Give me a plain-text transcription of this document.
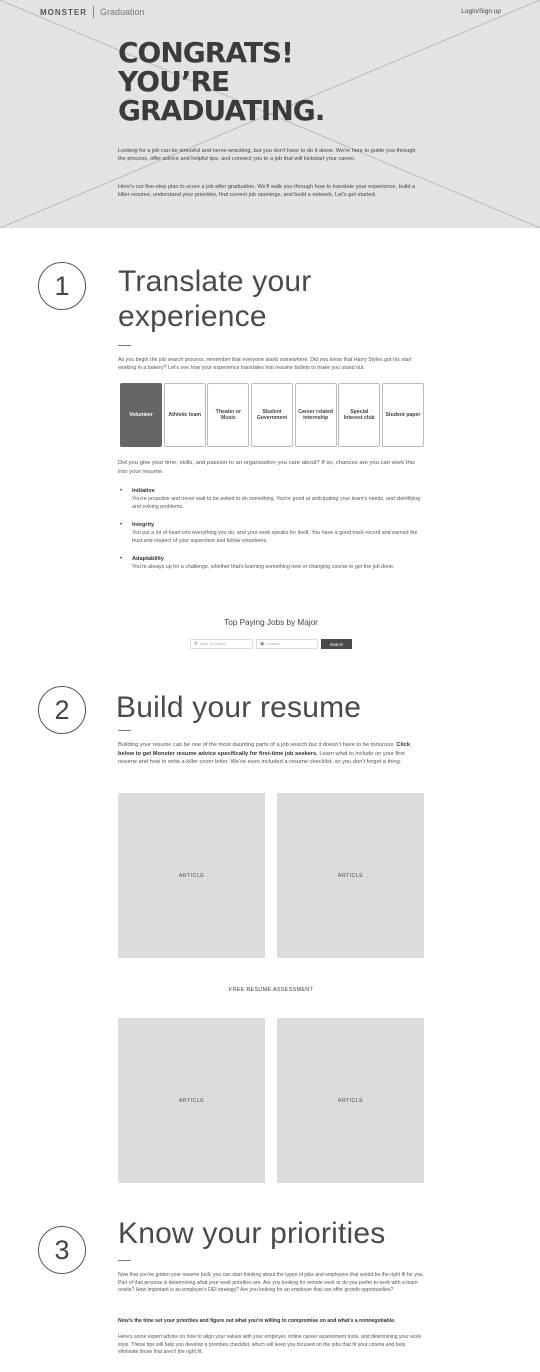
MONSTER Graduation	Login/Sign up
CONGRATS!
YOU’RE
GRADUATING.

Looking for a job can be stressful and nerve-wracking, but you don't have to do it alone. We're here to guide you through the process, offer advice and helpful tips, and connect you to a job that will kickstart your career.

Here's our five-step plan to score a job after graduation. We'll walk you through how to translate your experience, build a killer resume, understand your priorities, find current job openings, and build a network. Let's get started.

1	Translate your
experience

As you begin the job search process, remember that everyone starts somewhere. Did you know that Harry Styles got his start working in a bakery? Let's see how your experience translates into resume bullets to make you stand out.

Volunteer	Athletic team
Theater or Music
Student Government
Career related internship
Special Interest club
Student paper

Did you give your time, skills, and passion to an organization you care about? If so, chances are you can work this into your resume.

• Initiative
You're proactive and never wait to be asked to do something. You're good at anticipating your team's needs, and identifying and solving problems.
• Integrity
You put a lot of heart into everything you do, and your work speaks for itself. You have a good track record and earned the trust and respect of your supervisor and fellow volunteers.
• Adaptability
You're always up for a challenge, whether that's learning something new or changing course to get the job done.
Top Paying Jobs by Major
⚲ Major or Degree	◉ Location	Search
2	Build your resume

Building your resume can be one of the most daunting parts of a job search but it doesn't have to be torturous. Click below to get Monster resume advice specifically for first-time job seekers. Learn what to include on your first resume and how to write a killer cover letter. We've even included a resume checklist, so you don't forget a thing.

ARTICLE	ARTICLE
FREE RESUME ASSESSMENT
ARTICLE	ARTICLE
3	Know your priorities

Now that you've gotten your resume built, you can start thinking about the types of jobs and employers that would be the right fit for you. Part of that process is determining what your work priorities are. Are you looking for remote work or do you prefer to work with a team onsite? How important is an employer's DEI strategy? Are you looking for an employer that can offer growth opportunities?

Now's the time set your priorities and figure out what you're willing to compromise on and what's a nonnegotiable.

Here's some expert advice on how to align your values with your employer, online career assessment tools, and determining your work style. These tips will help you develop a priorities checklist, which will keep you focused on the jobs that fit your criteria and help eliminate those that aren't the right fit.
